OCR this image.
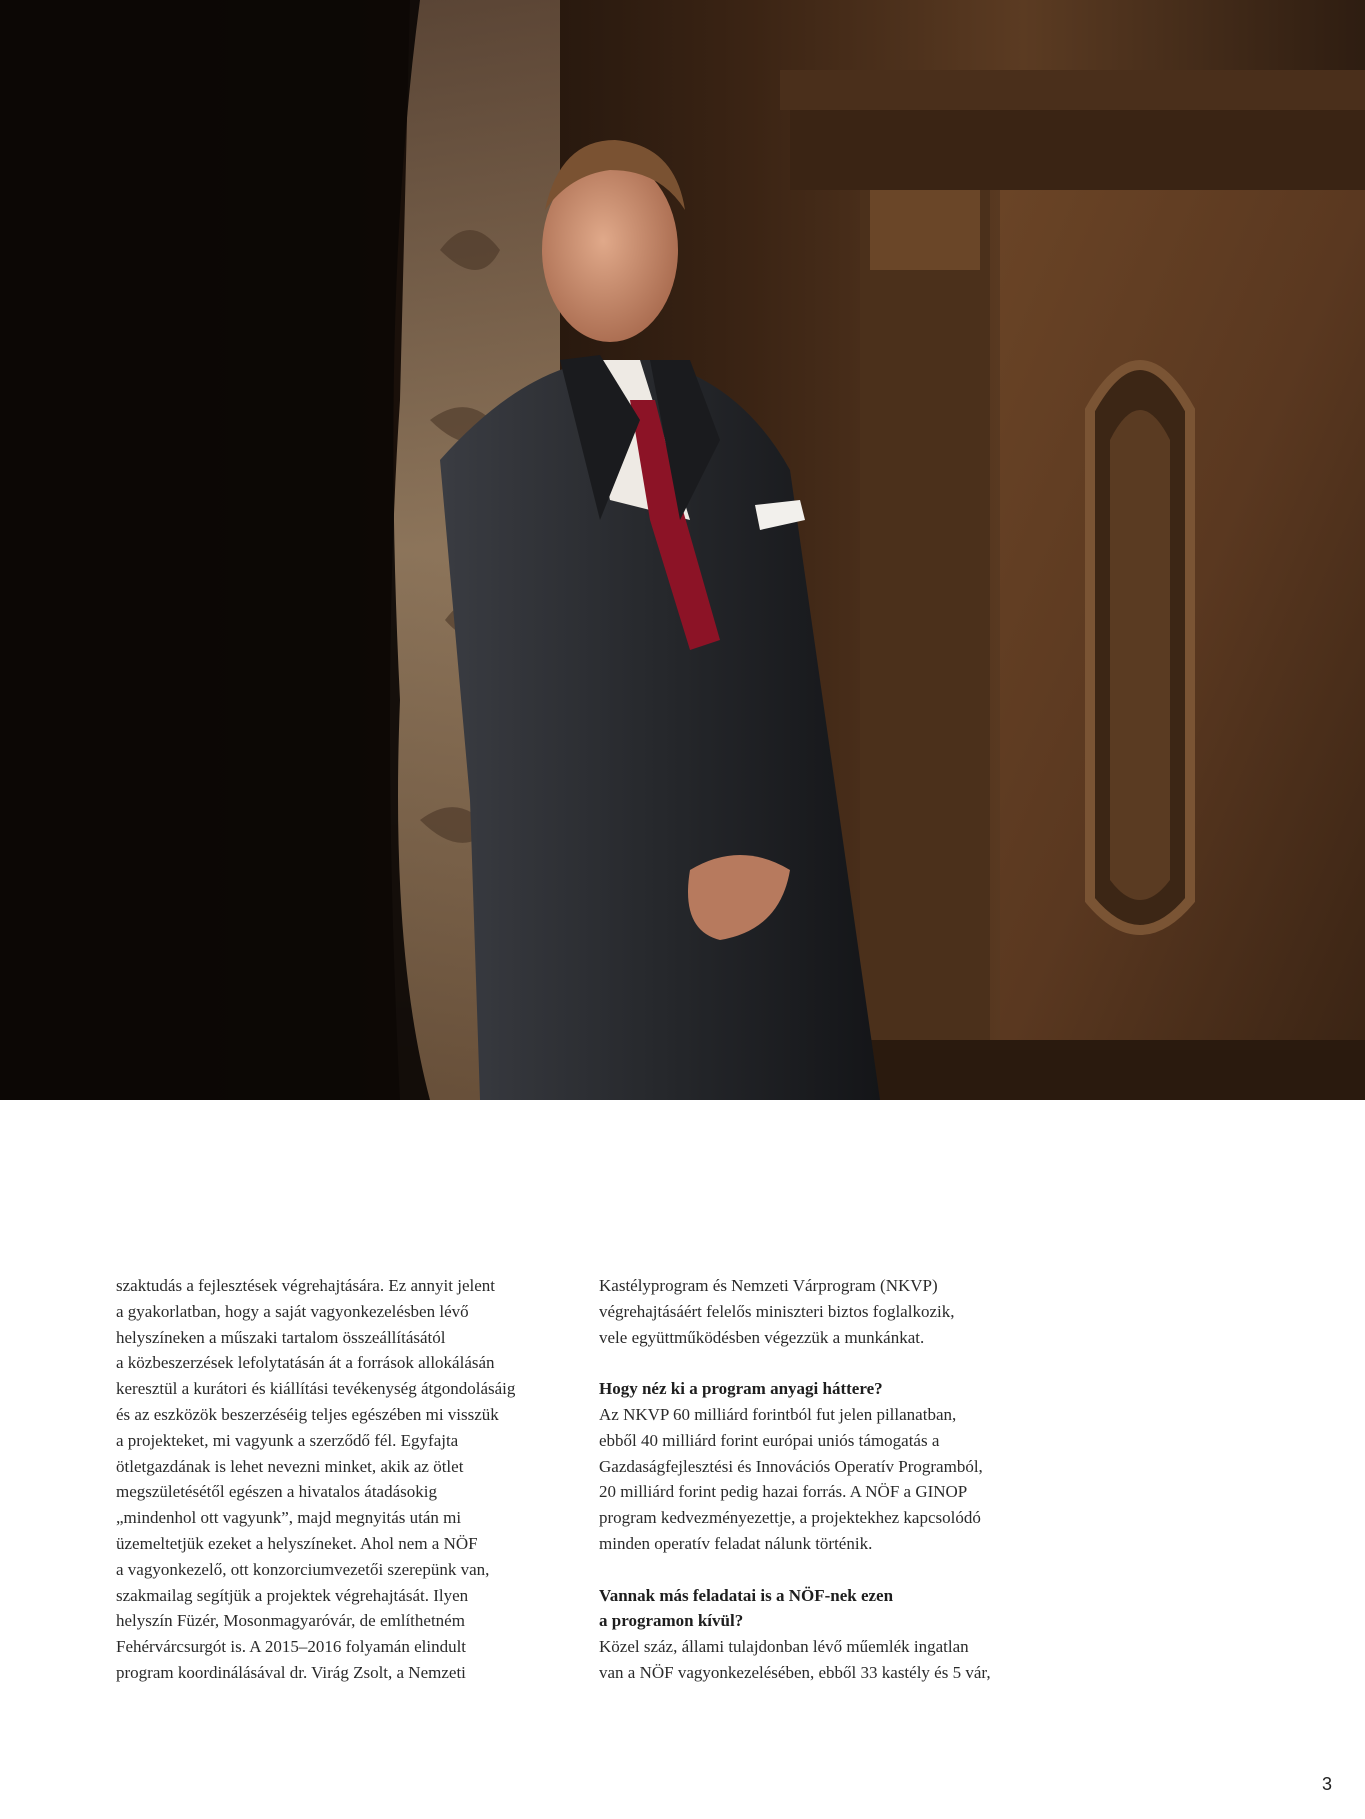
szaktudás a fejlesztések végrehajtására. Ez annyit jelent
a gyakorlatban, hogy a saját vagyonkezelésben lévő
helyszíneken a műszaki tartalom összeállításától
a közbeszerzések lefolytatásán át a források allokálásán
keresztül a kurátori és kiállítási tevékenység átgondolásáig
és az eszközök beszerzéséig teljes egészében mi visszük
a projekteket, mi vagyunk a szerződő fél. Egyfajta
ötletgazdának is lehet nevezni minket, akik az ötlet
megszületésétől egészen a hivatalos átadásokig
„mindenhol ott vagyunk”, majd megnyitás után mi
üzemeltetjük ezeket a helyszíneket. Ahol nem a NÖF
a vagyonkezelő, ott konzorciumvezetői szerepünk van,
szakmailag segítjük a projektek végrehajtását. Ilyen
helyszín Füzér, Mosonmagyaróvár, de említhetném
Fehérvárcsurgót is. A 2015–2016 folyamán elindult
program koordinálásával dr. Virág Zsolt, a Nemzeti
Kastélyprogram és Nemzeti Várprogram (NKVP)
végrehajtásáért felelős miniszteri biztos foglalkozik,
vele együttműködésben végezzük a munkánkat.
Hogy néz ki a program anyagi háttere?
Az NKVP 60 milliárd forintból fut jelen pillanatban,
ebből 40 milliárd forint európai uniós támogatás a
Gazdaságfejlesztési és Innovációs Operatív Programból,
20 milliárd forint pedig hazai forrás. A NÖF a GINOP
program kedvezményezettje, a projektekhez kapcsolódó
minden operatív feladat nálunk történik.
Vannak más feladatai is a NÖF-nek ezen
a programon kívül?
Közel száz, állami tulajdonban lévő műemlék ingatlan
van a NÖF vagyonkezelésében, ebből 33 kastély és 5 vár,
3
